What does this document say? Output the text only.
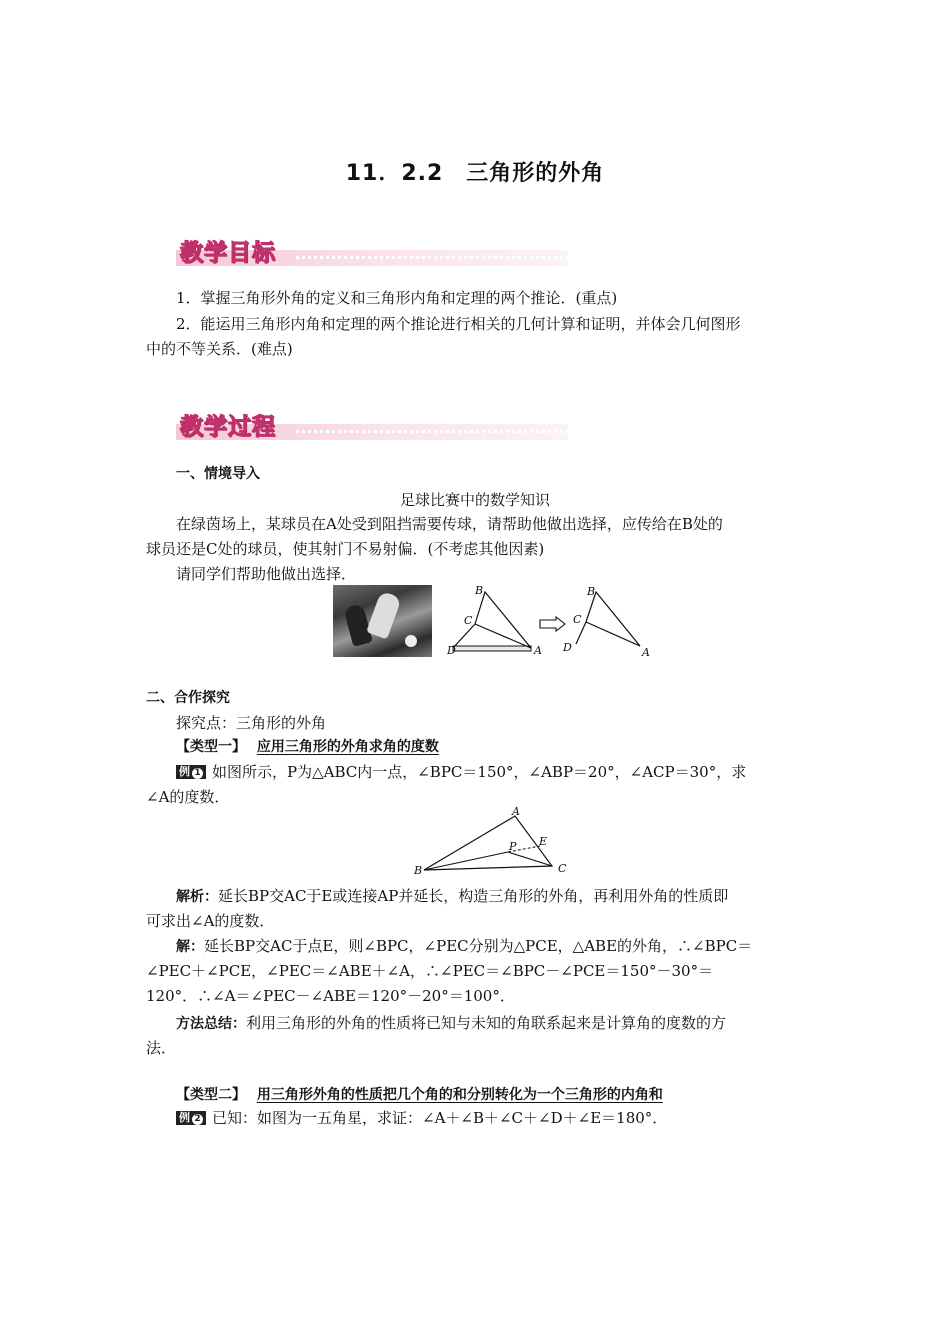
11．2.2　三角形的外角
教学目标
1．掌握三角形外角的定义和三角形内角和定理的两个推论．(重点)
2．能运用三角形内角和定理的两个推论进行相关的几何计算和证明，并体会几何图形
中的不等关系．(难点)
教学过程
一、情境导入
足球比赛中的数学知识
在绿茵场上，某球员在A处受到阻挡需要传球，请帮助他做出选择，应传给在B处的
球员还是C处的球员，使其射门不易射偏．(不考虑其他因素)
请同学们帮助他做出选择．
B
C
D	A
B
C
D	A
二、合作探究
探究点：三角形的外角
【类型一】 应用三角形的外角求角的度数
例 1 如图所示，P为△ABC内一点，∠BPC＝150°，∠ABP＝20°，∠ACP＝30°，求
∠A的度数．
A
E
P
B	C
解析：延长BP交AC于E或连接AP并延长，构造三角形的外角，再利用外角的性质即
可求出∠A的度数．
解：延长BP交AC于点E，则∠BPC，∠PEC分别为△PCE，△ABE的外角，∴∠BPC＝
∠PEC＋∠PCE，∠PEC＝∠ABE＋∠A，∴∠PEC＝∠BPC－∠PCE＝150°－30°＝
120°．∴∠A＝∠PEC－∠ABE＝120°－20°＝100°．
方法总结：利用三角形的外角的性质将已知与未知的角联系起来是计算角的度数的方
法．
【类型二】 用三角形外角的性质把几个角的和分别转化为一个三角形的内角和
例 2 已知：如图为一五角星，求证：∠A＋∠B＋∠C＋∠D＋∠E＝180°．
